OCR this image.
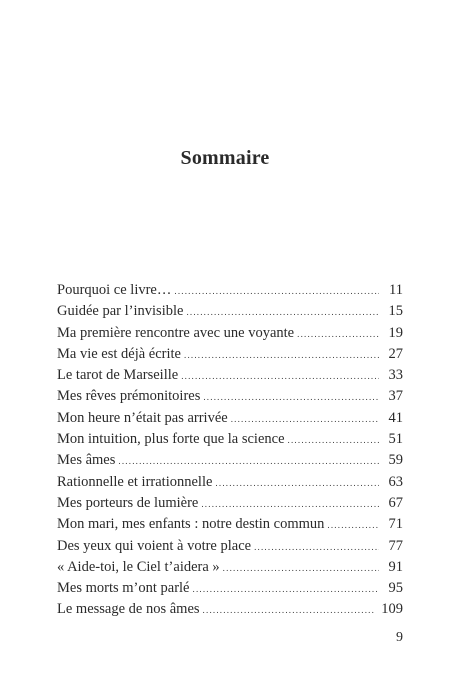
Sommaire
Pourquoi ce livre… .....	11
Guidée par l’invisible .....	15
Ma première rencontre avec une voyante .....	19
Ma vie est déjà écrite .....	27
Le tarot de Marseille .....	33
Mes rêves prémonitoires .....	37
Mon heure n’était pas arrivée .....	41
Mon intuition, plus forte que la science .....	51
Mes âmes .....	59
Rationnelle et irrationnelle .....	63
Mes porteurs de lumière .....	67
Mon mari, mes enfants : notre destin commun .....	71
Des yeux qui voient à votre place .....	77
« Aide-toi, le Ciel t’aidera » .....	91
Mes morts m’ont parlé .....	95
Le message de nos âmes .....	109

9
